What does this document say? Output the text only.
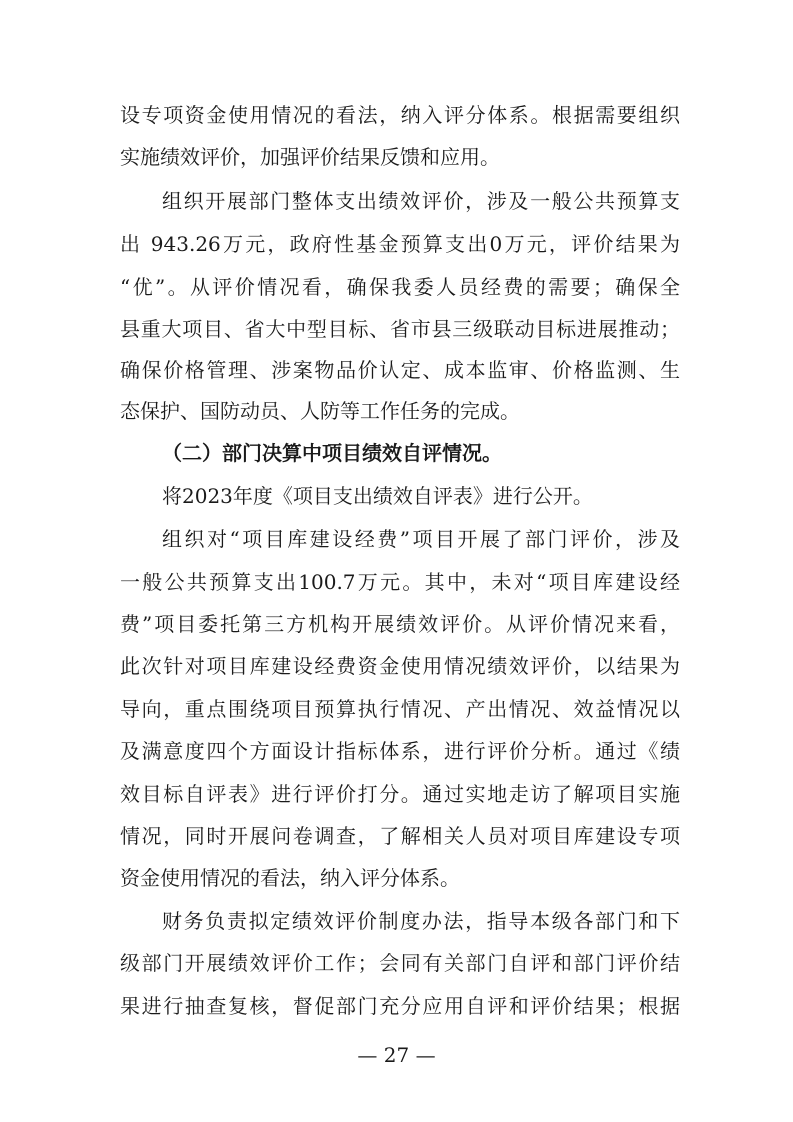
设专项资金使用情况的看法，纳入评分体系。根据需要组织
实施绩效评价，加强评价结果反馈和应用。
组织开展部门整体支出绩效评价，涉及一般公共预算支
出 943.26万元，政府性基金预算支出0万元，评价结果为
“优”。从评价情况看，确保我委人员经费的需要；确保全
县重大项目、省大中型目标、省市县三级联动目标进展推动；
确保价格管理、涉案物品价认定、成本监审、价格监测、生
态保护、国防动员、人防等工作任务的完成。
（二）部门决算中项目绩效自评情况。
将2023年度《项目支出绩效自评表》进行公开。
组织对“项目库建设经费”项目开展了部门评价，涉及
一般公共预算支出100.7万元。其中，未对“项目库建设经
费”项目委托第三方机构开展绩效评价。从评价情况来看，
此次针对项目库建设经费资金使用情况绩效评价，以结果为
导向，重点围绕项目预算执行情况、产出情况、效益情况以
及满意度四个方面设计指标体系，进行评价分析。通过《绩
效目标自评表》进行评价打分。通过实地走访了解项目实施
情况，同时开展问卷调查，了解相关人员对项目库建设专项
资金使用情况的看法，纳入评分体系。
财务负责拟定绩效评价制度办法，指导本级各部门和下
级部门开展绩效评价工作；会同有关部门自评和部门评价结
果进行抽查复核，督促部门充分应用自评和评价结果；根据
— 27 —
